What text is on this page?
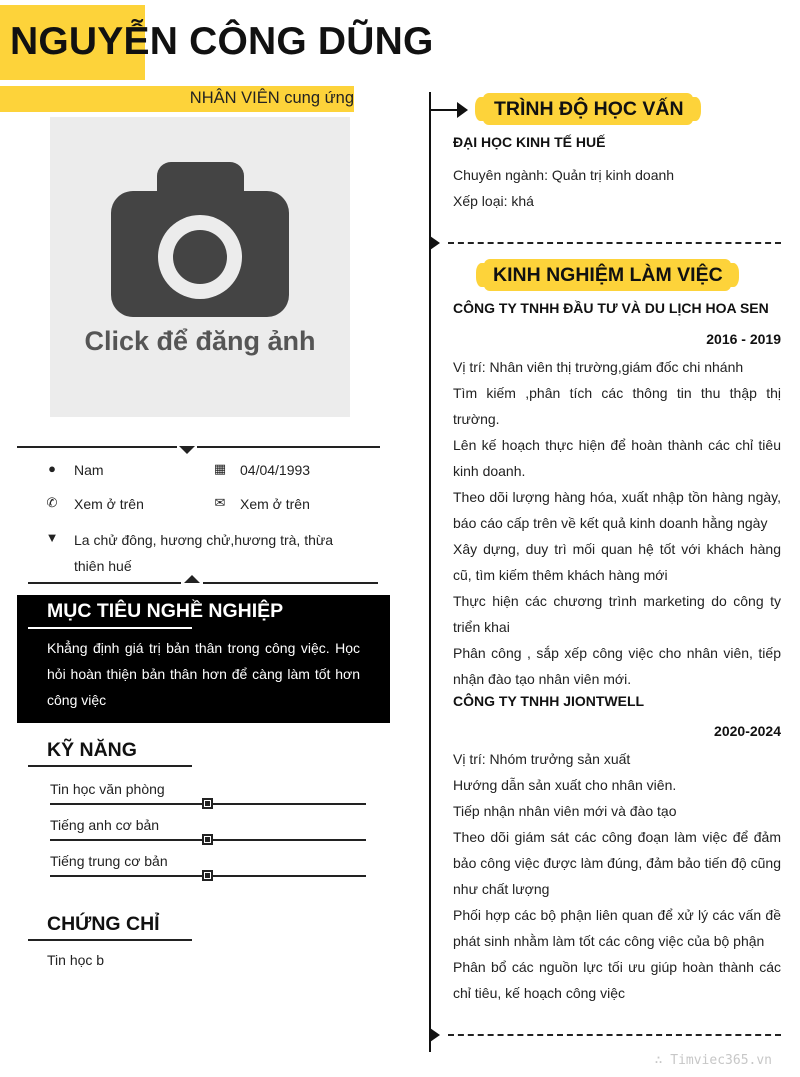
NGUYỄN CÔNG DŨNG
NHÂN VIÊN cung ứng
Click để đăng ảnh
● Nam	▦ 04/04/1993
✆ Xem ở trên	✉ Xem ở trên
▼ La chử đông, hương chử,hương trà, thừa thiên huế
MỤC TIÊU NGHỀ NGHIỆP
Khẳng định giá trị bản thân trong công việc. Học hỏi hoàn thiện bản thân hơn để càng làm tốt hơn công việc
KỸ NĂNG
Tin học văn phòng
Tiếng anh cơ bản
Tiếng trung cơ bản
CHỨNG CHỈ
Tin học b
TRÌNH ĐỘ HỌC VẤN
ĐẠI HỌC KINH TẾ HUẾ
Chuyên ngành: Quản trị kinh doanh
Xếp loại: khá
KINH NGHIỆM LÀM VIỆC
CÔNG TY TNHH ĐẦU TƯ VÀ DU LỊCH HOA SEN
2016 - 2019

Vị trí: Nhân viên thị trường,giám đốc chi nhánh

Tìm kiếm ,phân tích các thông tin thu thập thị trường.

Lên kế hoạch thực hiện để hoàn thành các chỉ tiêu kinh doanh.

Theo dõi lượng hàng hóa, xuất nhập tồn hàng ngày, báo cáo cấp trên về kết quả kinh doanh hằng ngày

Xây dựng, duy trì mối quan hệ tốt với khách hàng cũ, tìm kiếm thêm khách hàng mới

Thực hiện các chương trình marketing do công ty triển khai

Phân công , sắp xếp công việc cho nhân viên, tiếp nhận đào tạo nhân viên mới.

CÔNG TY TNHH JIONTWELL
2020-2024

Vị trí: Nhóm trưởng sản xuất

Hướng dẫn sản xuất cho nhân viên.

Tiếp nhận nhân viên mới và đào tạo

Theo dõi giám sát các công đoạn làm việc để đảm bảo công việc được làm đúng, đảm bảo tiến độ cũng như chất lượng

Phối hợp các bộ phận liên quan để xử lý các vấn đề phát sinh nhằm làm tốt các công việc của bộ phận

Phân bổ các nguồn lực tối ưu giúp hoàn thành các chỉ tiêu, kế hoạch công việc

∴ Timviec365.vn
